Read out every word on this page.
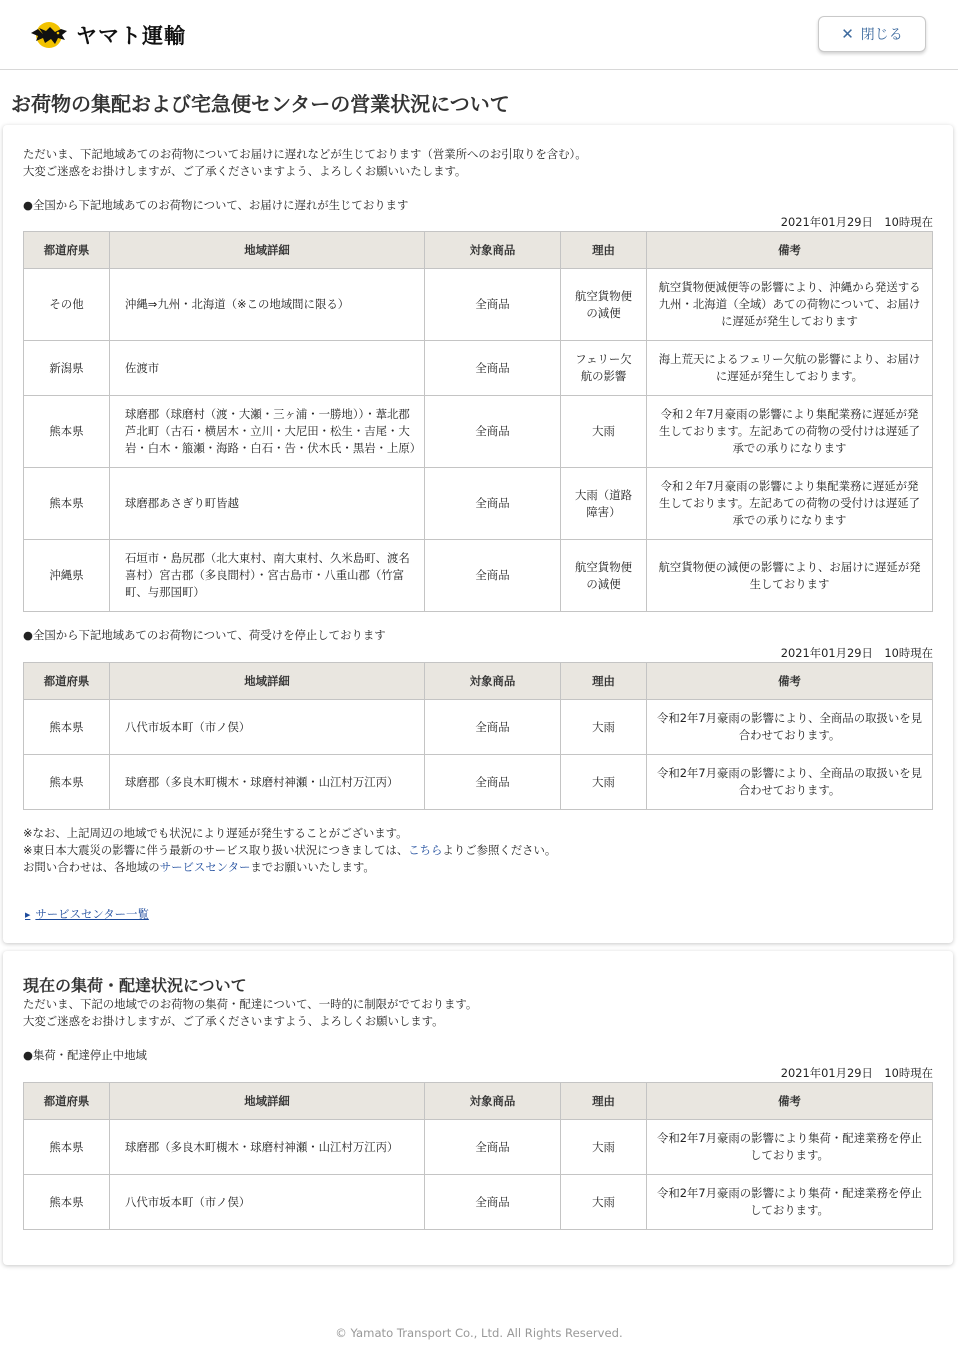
ヤマト運輸	✕ 閉じる
お荷物の集配および宅急便センターの営業状況について
ただいま、下記地域あてのお荷物についてお届けに遅れなどが生じております（営業所へのお引取りを含む）。
大変ご迷惑をお掛けしますが、ご了承くださいますよう、よろしくお願いいたします。
●全国から下記地域あてのお荷物について、お届けに遅れが生じております
2021年01月29日　10時現在
都道府県	地域詳細	対象商品	理由	備考
その他	沖縄⇒九州・北海道（※この地域間に限る）	全商品	航空貨物便の減便	航空貨物便減便等の影響により、沖縄から発送する九州・北海道（全域）あての荷物について、お届けに遅延が発生しております
新潟県	佐渡市	全商品	フェリー欠航の影響	海上荒天によるフェリー欠航の影響により、お届けに遅延が発生しております。
熊本県	球磨郡（球磨村（渡・大瀬・三ヶ浦・一勝地））・葦北郡芦北町（古石・横居木・立川・大尼田・松生・吉尾・大岩・白木・箙瀬・海路・白石・告・伏木氏・黒岩・上原）	全商品	大雨	令和２年7月豪雨の影響により集配業務に遅延が発生しております。左記あての荷物の受付けは遅延了承での承りになります
熊本県	球磨郡あさぎり町皆越	全商品	大雨（道路障害）	令和２年7月豪雨の影響により集配業務に遅延が発生しております。左記あての荷物の受付けは遅延了承での承りになります
沖縄県	石垣市・島尻郡（北大東村、南大東村、久米島町、渡名喜村）宮古郡（多良間村）・宮古島市・八重山郡（竹富町、与那国町）	全商品	航空貨物便の減便	航空貨物便の減便の影響により、お届けに遅延が発生しております
●全国から下記地域あてのお荷物について、荷受けを停止しております
2021年01月29日　10時現在
都道府県	地域詳細	対象商品	理由	備考
熊本県	八代市坂本町（市ノ俣）	全商品	大雨	令和2年7月豪雨の影響により、全商品の取扱いを見合わせております。
熊本県	球磨郡（多良木町槻木・球磨村神瀬・山江村万江丙）	全商品	大雨	令和2年7月豪雨の影響により、全商品の取扱いを見合わせております。
※なお、上記周辺の地域でも状況により遅延が発生することがございます。
※東日本大震災の影響に伴う最新のサービス取り扱い状況につきましては、こちらよりご参照ください。
お問い合わせは、各地域のサービスセンターまでお願いいたします。
▶ サービスセンター一覧
現在の集荷・配達状況について
ただいま、下記の地域でのお荷物の集荷・配達について、一時的に制限がでております。
大変ご迷惑をお掛けしますが、ご了承くださいますよう、よろしくお願いします。
●集荷・配達停止中地域
2021年01月29日　10時現在
都道府県	地域詳細	対象商品	理由	備考
熊本県	球磨郡（多良木町槻木・球磨村神瀬・山江村万江丙）	全商品	大雨	令和2年7月豪雨の影響により集荷・配達業務を停止しております。
熊本県	八代市坂本町（市ノ俣）	全商品	大雨	令和2年7月豪雨の影響により集荷・配達業務を停止しております。
© Yamato Transport Co., Ltd. All Rights Reserved.
